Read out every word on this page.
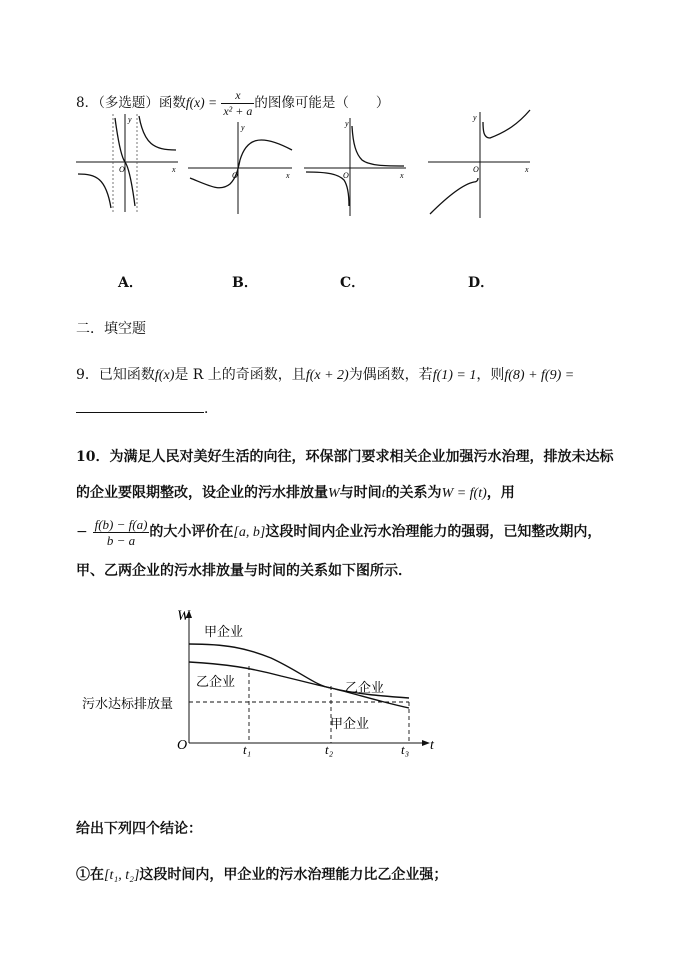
8．（多选题）函数$f(x) = \frac{x}{\text{x² + a}}$ 的图像可能是（　　）
y
x
O
y
x
O
y
x
O
y
x
O
A．	B．	C．	D．
二．填空题
9．已知函数f(x)是 R 上的奇函数，且f(x + 2)为偶函数，若f(1) = 1，则f(8) + f(9) =
．
10．为满足人民对美好生活的向往，环保部门要求相关企业加强污水治理，排放未达标
的企业要限期整改，设企业的污水排放量W与时间t的关系为W = f(t)，用
− $\frac{f(b) - f(a)}{b - a}$ 的大小评价在[a, b]这段时间内企业污水治理能力的强弱，已知整改期内，
甲、乙两企业的污水排放量与时间的关系如下图所示．
W
O	t
甲企业
乙企业	乙企业
甲企业
污水达标排放量
t₁	t₂	t₃
给出下列四个结论：
①在[t₁, t₂]这段时间内，甲企业的污水治理能力比乙企业强；
